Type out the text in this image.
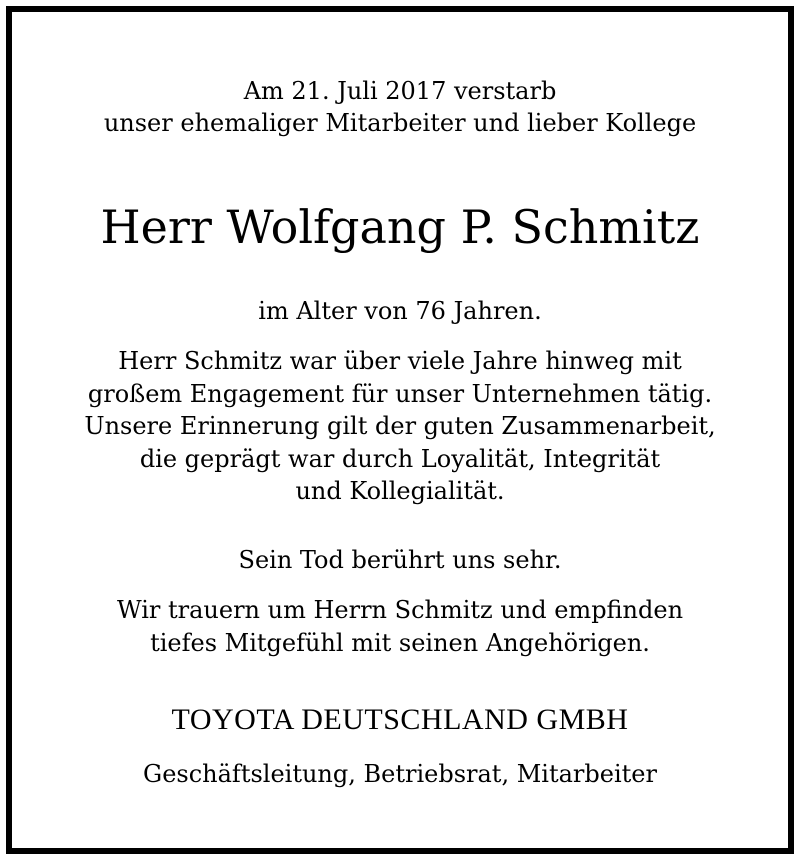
Am 21. Juli 2017 verstarb
unser ehemaliger Mitarbeiter und lieber Kollege
Herr Wolfgang P. Schmitz
im Alter von 76 Jahren.
Herr Schmitz war über viele Jahre hinweg mit
großem Engagement für unser Unternehmen tätig.
Unsere Erinnerung gilt der guten Zusammenarbeit,
die geprägt war durch Loyalität, Integrität
und Kollegialität.
Sein Tod berührt uns sehr.
Wir trauern um Herrn Schmitz und empfinden
tiefes Mitgefühl mit seinen Angehörigen.
TOYOTA DEUTSCHLAND GMBH
Geschäftsleitung, Betriebsrat, Mitarbeiter
